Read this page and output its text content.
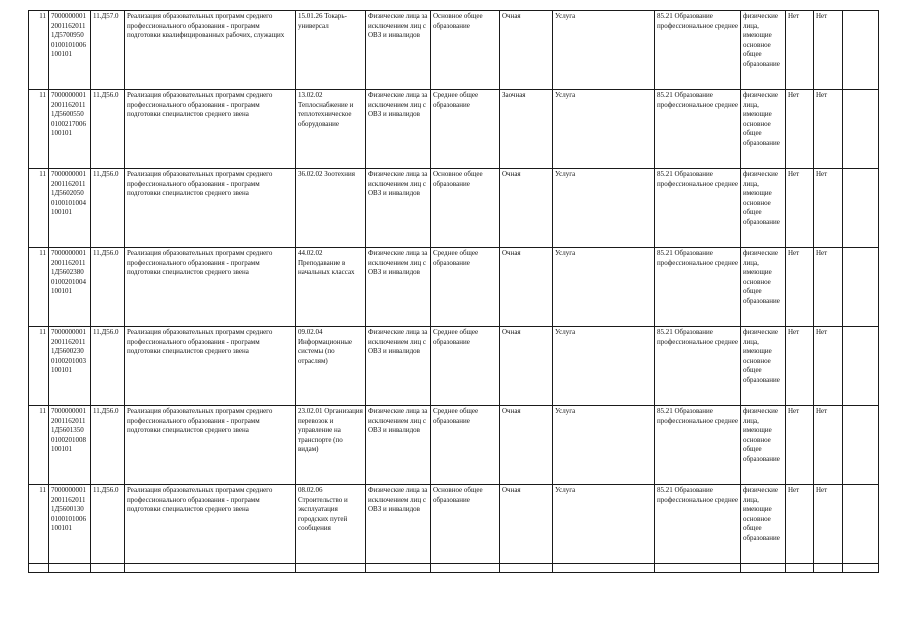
11	7000000001 2001162011 1Д5700950 0100101006 100101	11.Д57.0	Реализация образовательных программ среднего профессионального образования - программ подготовки квалифицированных рабочих, служащих	15.01.26 Токарь-универсал	Физические лица за исключением лиц с ОВЗ и инвалидов	Основное общее образование	Очная	Услуга	85.21 Образование профессиональное среднее	физические лица, имеющие основное общее образование	Нет	Нет	
11	7000000001 2001162011 1Д5600550 0100217006 100101	11.Д56.0	Реализация образовательных программ среднего профессионального образования - программ подготовки специалистов среднего звена	13.02.02 Теплоснабжение и теплотехническое оборудование	Физические лица за исключением лиц с ОВЗ и инвалидов	Среднее общее образование	Заочная	Услуга	85.21 Образование профессиональное среднее	физические лица, имеющие основное общее образование	Нет	Нет	
11	7000000001 2001162011 1Д5602050 0100101004 100101	11.Д56.0	Реализация образовательных программ среднего профессионального образования - программ подготовки специалистов среднего звена	36.02.02 Зоотехния	Физические лица за исключением лиц с ОВЗ и инвалидов	Основное общее образование	Очная	Услуга	85.21 Образование профессиональное среднее	физические лица, имеющие основное общее образование	Нет	Нет	
11	7000000001 2001162011 1Д5602380 0100201004 100101	11.Д56.0	Реализация образовательных программ среднего профессионального образования - программ подготовки специалистов среднего звена	44.02.02 Преподавание в начальных классах	Физические лица за исключением лиц с ОВЗ и инвалидов	Среднее общее образование	Очная	Услуга	85.21 Образование профессиональное среднее	физические лица, имеющие основное общее образование	Нет	Нет	
11	7000000001 2001162011 1Д5600230 0100201003 100101	11.Д56.0	Реализация образовательных программ среднего профессионального образования - программ подготовки специалистов среднего звена	09.02.04 Информационные системы (по отраслям)	Физические лица за исключением лиц с ОВЗ и инвалидов	Среднее общее образование	Очная	Услуга	85.21 Образование профессиональное среднее	физические лица, имеющие основное общее образование	Нет	Нет	
11	7000000001 2001162011 1Д5601350 0100201008 100101	11.Д56.0	Реализация образовательных программ среднего профессионального образования - программ подготовки специалистов среднего звена	23.02.01 Организация перевозок и управление на транспорте (по видам)	Физические лица за исключением лиц с ОВЗ и инвалидов	Среднее общее образование	Очная	Услуга	85.21 Образование профессиональное среднее	физические лица, имеющие основное общее образование	Нет	Нет	
11	7000000001 2001162011 1Д5600130 0100101006 100101	11.Д56.0	Реализация образовательных программ среднего профессионального образования - программ подготовки специалистов среднего звена	08.02.06 Строительство и эксплуатация городских путей сообщения	Физические лица за исключением лиц с ОВЗ и инвалидов	Основное общее образование	Очная	Услуга	85.21 Образование профессиональное среднее	физические лица, имеющие основное общее образование	Нет	Нет	
